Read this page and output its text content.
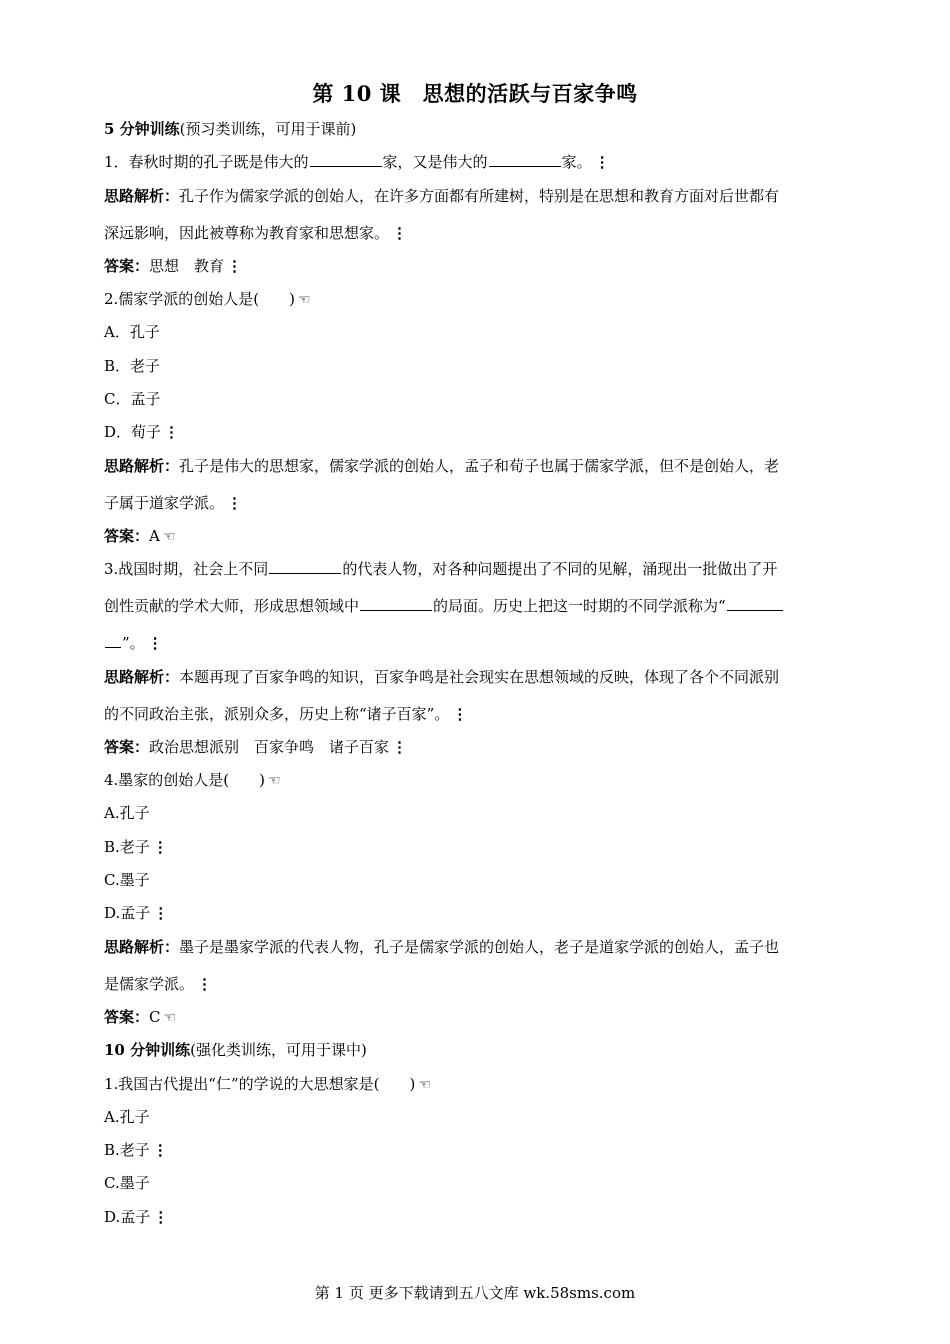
第 10 课　思想的活跃与百家争鸣
5 分钟训练(预习类训练，可用于课前)
1．春秋时期的孔子既是伟大的	家，又是伟大的	家。 ⋮
思路解析：孔子作为儒家学派的创始人，在许多方面都有所建树，特别是在思想和教育方面对后世都有
深远影响，因此被尊称为教育家和思想家。 ⋮
答案：思想　教育 ⋮
2.儒家学派的创始人是(　　) ☜
A．孔子
B．老子
C．孟子
D．荀子 ⋮
思路解析：孔子是伟大的思想家，儒家学派的创始人，孟子和荀子也属于儒家学派，但不是创始人，老
子属于道家学派。 ⋮
答案：A ☜
3.战国时期，社会上不同	的代表人物，对各种问题提出了不同的见解，涌现出一批做出了开
创性贡献的学术大师，形成思想领域中	的局面。历史上把这一时期的不同学派称为“
”。 ⋮
思路解析：本题再现了百家争鸣的知识，百家争鸣是社会现实在思想领域的反映，体现了各个不同派别
的不同政治主张，派别众多，历史上称“诸子百家”。 ⋮
答案：政治思想派别　百家争鸣　诸子百家 ⋮
4.墨家的创始人是(　　) ☜
A.孔子
B.老子 ⋮
C.墨子
D.孟子 ⋮
思路解析：墨子是墨家学派的代表人物，孔子是儒家学派的创始人，老子是道家学派的创始人，孟子也
是儒家学派。 ⋮
答案：C ☜
10 分钟训练(强化类训练，可用于课中)
1.我国古代提出“仁”的学说的大思想家是(　　) ☜
A.孔子
B.老子 ⋮
C.墨子
D.孟子 ⋮
第 1 页 更多下载请到五八文库 wk.58sms.com
